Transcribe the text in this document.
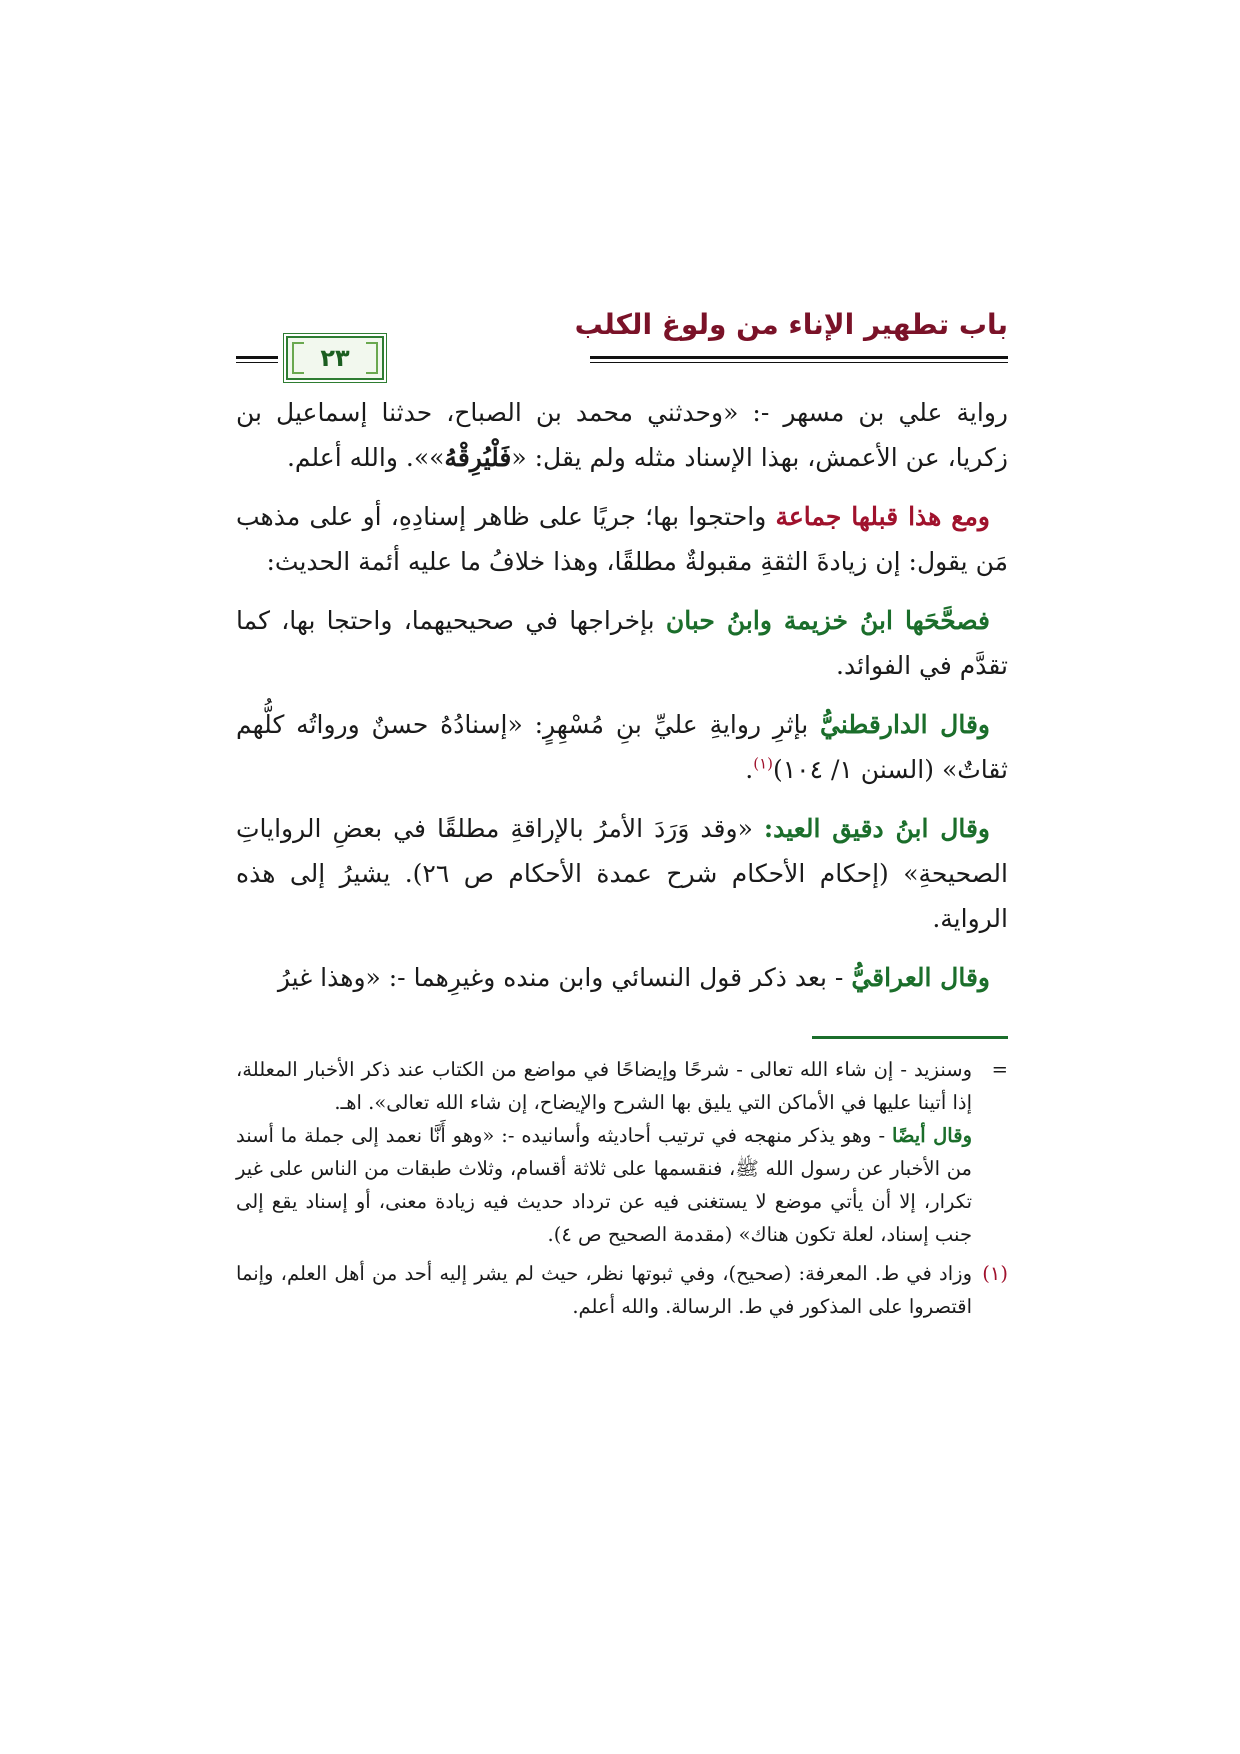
باب تطهير الإناء من ولوغ الكلب
٢٣

رواية علي بن مسهر -: «وحدثني محمد بن الصباح، حدثنا إسماعيل بن زكريا، عن الأعمش، بهذا الإسناد مثله ولم يقل: «فَلْيُرِقْهُ»». والله أعلم.

ومع هذا قبلها جماعة واحتجوا بها؛ جريًا على ظاهر إسنادِهِ، أو على مذهب مَن يقول: إن زيادةَ الثقةِ مقبولةٌ مطلقًا، وهذا خلافُ ما عليه أئمة الحديث:

فصحَّحَها ابنُ خزيمة وابنُ حبان بإخراجها في صحيحيهما، واحتجا بها، كما تقدَّم في الفوائد.

وقال الدارقطنيُّ بإثرِ روايةِ عليِّ بنِ مُسْهِرٍ: «إسنادُهُ حسنٌ ورواتُه كلُّهم ثقاتٌ» (السنن ١/ ١٠٤)$^{(١)}$.

وقال ابنُ دقيق العيد: «وقد وَرَدَ الأمرُ بالإراقةِ مطلقًا في بعضِ الرواياتِ الصحيحةِ» (إحكام الأحكام شرح عمدة الأحكام ص ٢٦). يشيرُ إلى هذه الرواية.

وقال العراقيُّ - بعد ذكر قول النسائي وابن منده وغيرِهما -: «وهذا غيرُ

=
وسنزيد - إن شاء الله تعالى - شرحًا وإيضاحًا في مواضع من الكتاب عند ذكر الأخبار المعللة، إذا أتينا عليها في الأماكن التي يليق بها الشرح والإيضاح، إن شاء الله تعالى». اهـ.
وقال أيضًا - وهو يذكر منهجه في ترتيب أحاديثه وأسانيده -: «وهو أَنَّا نعمد إلى جملة ما أسند من الأخبار عن رسول الله ﷺ، فنقسمها على ثلاثة أقسام، وثلاث طبقات من الناس على غير تكرار، إلا أن يأتي موضع لا يستغنى فيه عن ترداد حديث فيه زيادة معنى، أو إسناد يقع إلى جنب إسناد، لعلة تكون هناك» (مقدمة الصحيح ص ٤).

(١)
وزاد في ط. المعرفة: (صحيح)، وفي ثبوتها نظر، حيث لم يشر إليه أحد من أهل العلم، وإنما اقتصروا على المذكور في ط. الرسالة. والله أعلم.
